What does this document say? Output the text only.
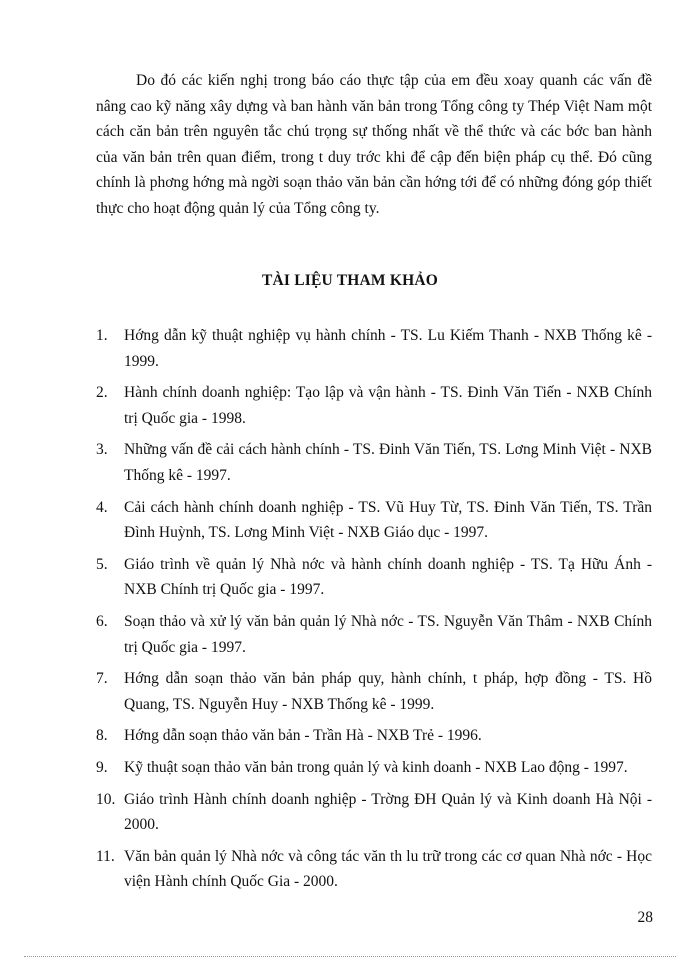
Do đó các kiến nghị trong báo cáo thực tập của em đều xoay quanh các vấn đề nâng cao kỹ năng xây dựng và ban hành văn bản trong Tổng công ty Thép Việt Nam một cách căn bản trên nguyên tắc chú trọng sự thống nhất về thể thức và các bớc ban hành của văn bản trên quan điểm, trong t duy trớc khi để cập đến biện pháp cụ thể. Đó cũng chính là phơng hớng mà ngời soạn thảo văn bản cần hớng tới để có những đóng góp thiết thực cho hoạt động quản lý của Tổng công ty.

TÀI LIỆU THAM KHẢO
1. Hớng dẫn kỹ thuật nghiệp vụ hành chính - TS. Lu Kiếm Thanh - NXB Thống kê - 1999.
2. Hành chính doanh nghiệp: Tạo lập và vận hành - TS. Đinh Văn Tiến - NXB Chính trị Quốc gia - 1998.
3. Những vấn đề cải cách hành chính - TS. Đinh Văn Tiến, TS. Lơng Minh Việt - NXB Thống kê - 1997.
4. Cải cách hành chính doanh nghiệp - TS. Vũ Huy Từ, TS. Đinh Văn Tiến, TS. Trần Đình Huỳnh, TS. Lơng Minh Việt - NXB Giáo dục - 1997.
5. Giáo trình về quản lý Nhà nớc và hành chính doanh nghiệp - TS. Tạ Hữu Ánh - NXB Chính trị Quốc gia - 1997.
6. Soạn thảo và xử lý văn bản quản lý Nhà nớc - TS. Nguyễn Văn Thâm - NXB Chính trị Quốc gia - 1997.
7. Hớng dẫn soạn thảo văn bản pháp quy, hành chính, t pháp, hợp đồng - TS. Hồ Quang, TS. Nguyễn Huy - NXB Thống kê - 1999.
8. Hớng dẫn soạn thảo văn bản - Trần Hà - NXB Trẻ - 1996.
9. Kỹ thuật soạn thảo văn bản trong quản lý và kinh doanh - NXB Lao động - 1997.
10. Giáo trình Hành chính doanh nghiệp - Trờng ĐH Quản lý và Kinh doanh Hà Nội - 2000.
11. Văn bản quản lý Nhà nớc và công tác văn th lu trữ trong các cơ quan Nhà nớc - Học viện Hành chính Quốc Gia - 2000.

28
